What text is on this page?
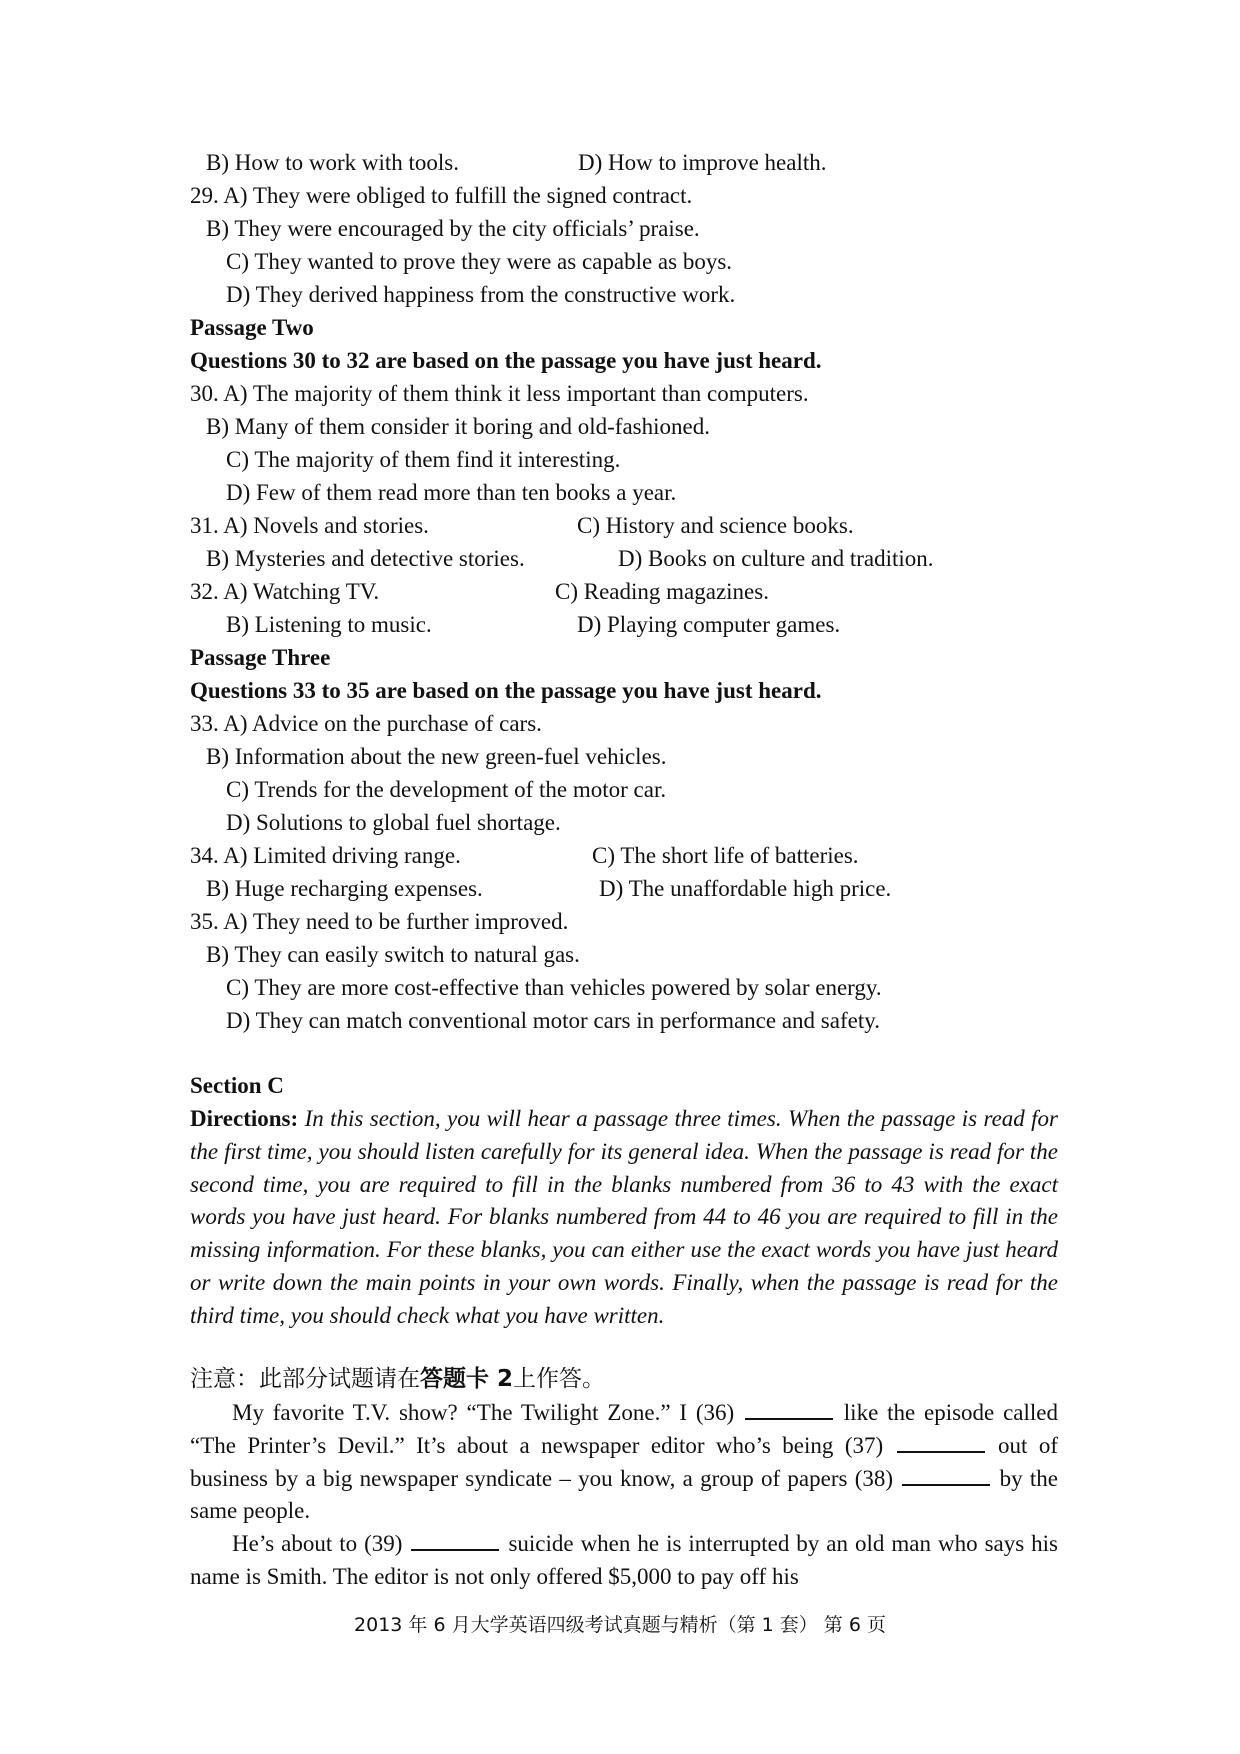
B) How to work with tools.	D) How to improve health.
29. A) They were obliged to fulfill the signed contract.
B) They were encouraged by the city officials’ praise.
C) They wanted to prove they were as capable as boys.
D) They derived happiness from the constructive work.
Passage Two
Questions 30 to 32 are based on the passage you have just heard.
30. A) The majority of them think it less important than computers.
B) Many of them consider it boring and old-fashioned.
C) The majority of them find it interesting.
D) Few of them read more than ten books a year.
31. A) Novels and stories.	C) History and science books.
B) Mysteries and detective stories.	D) Books on culture and tradition.
32. A) Watching TV.	C) Reading magazines.
B) Listening to music.	D) Playing computer games.
Passage Three
Questions 33 to 35 are based on the passage you have just heard.
33. A) Advice on the purchase of cars.
B) Information about the new green-fuel vehicles.
C) Trends for the development of the motor car.
D) Solutions to global fuel shortage.
34. A) Limited driving range.	C) The short life of batteries.
B) Huge recharging expenses.	D) The unaffordable high price.
35. A) They need to be further improved.
B) They can easily switch to natural gas.
C) They are more cost-effective than vehicles powered by solar energy.
D) They can match conventional motor cars in performance and safety.
Section C
Directions: In this section, you will hear a passage three times. When the passage is read for the first time, you should listen carefully for its general idea. When the passage is read for the second time, you are required to fill in the blanks numbered from 36 to 43 with the exact words you have just heard. For blanks numbered from 44 to 46 you are required to fill in the missing information. For these blanks, you can either use the exact words you have just heard or write down the main points in your own words. Finally, when the passage is read for the third time, you should check what you have written.
注意：此部分试题请在答题卡 2上作答。
My favorite T.V. show? “The Twilight Zone.” I (36)	like the episode called “The Printer’s Devil.” It’s about a newspaper editor who’s being (37)	out of business by a big newspaper syndicate – you know, a group of papers (38)	by the same people.
He’s about to (39)	suicide when he is interrupted by an old man who says his name is Smith. The editor is not only offered $5,000 to pay off his
2013 年 6 月大学英语四级考试真题与精析（第 1 套） 第 6 页
